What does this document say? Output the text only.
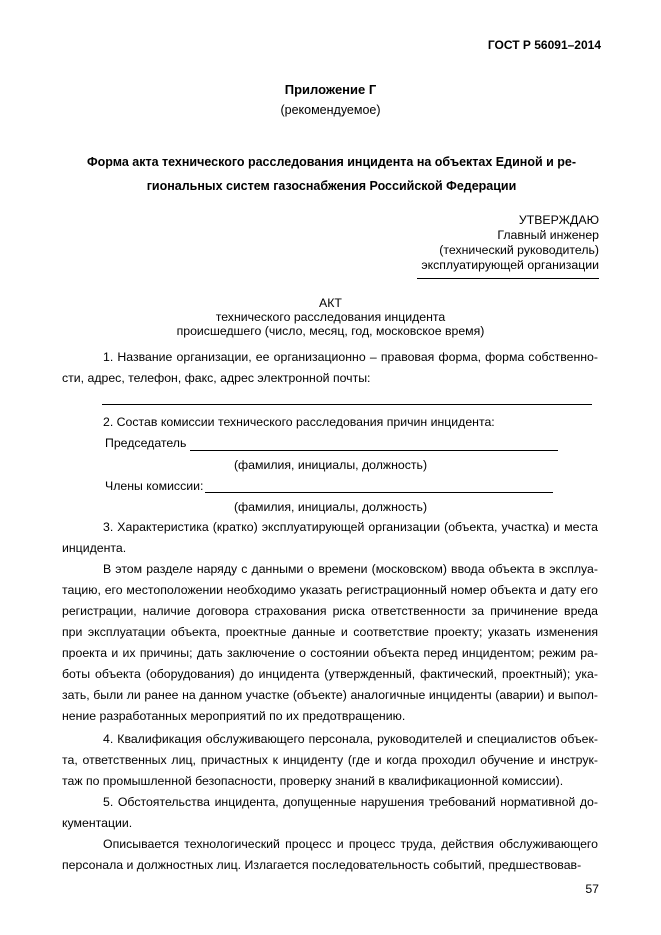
ГОСТ Р 56091–2014
Приложение Г
(рекомендуемое)
Форма акта технического расследования инцидента на объектах Единой и ре-гиональных систем газоснабжения Российской Федерации
УТВЕРЖДАЮ
Главный инженер
(технический руководитель)
эксплуатирующей организации
АКТ
технического расследования инцидента
происшедшего (число, месяц, год, московское время)
1. Название организации, ее организационно – правовая форма, форма собственно-сти, адрес, телефон, факс, адрес электронной почты:
2. Состав комиссии технического расследования причин инцидента:
Председатель
(фамилия, инициалы, должность)
Члены комиссии:
(фамилия, инициалы, должность)
3. Характеристика (кратко) эксплуатирующей организации (объекта, участка) и места инцидента.
В этом разделе наряду с данными о времени (московском) ввода объекта в эксплуа-тацию, его местоположении необходимо указать регистрационный номер объекта и дату его регистрации, наличие договора страхования риска ответственности за причинение вреда при эксплуатации объекта, проектные данные и соответствие проекту; указать изменения проекта и их причины; дать заключение о состоянии объекта перед инцидентом; режим ра-боты объекта (оборудования) до инцидента (утвержденный, фактический, проектный); ука-зать, были ли ранее на данном участке (объекте) аналогичные инциденты (аварии) и выпол-нение разработанных мероприятий по их предотвращению.
4. Квалификация обслуживающего персонала, руководителей и специалистов объек-та, ответственных лиц, причастных к инциденту (где и когда проходил обучение и инструк-таж по промышленной безопасности, проверку знаний в квалификационной комиссии).
5. Обстоятельства инцидента, допущенные нарушения требований нормативной до-кументации.
Описывается технологический процесс и процесс труда, действия обслуживающего персонала и должностных лиц. Излагается последовательность событий, предшествовав-
57
